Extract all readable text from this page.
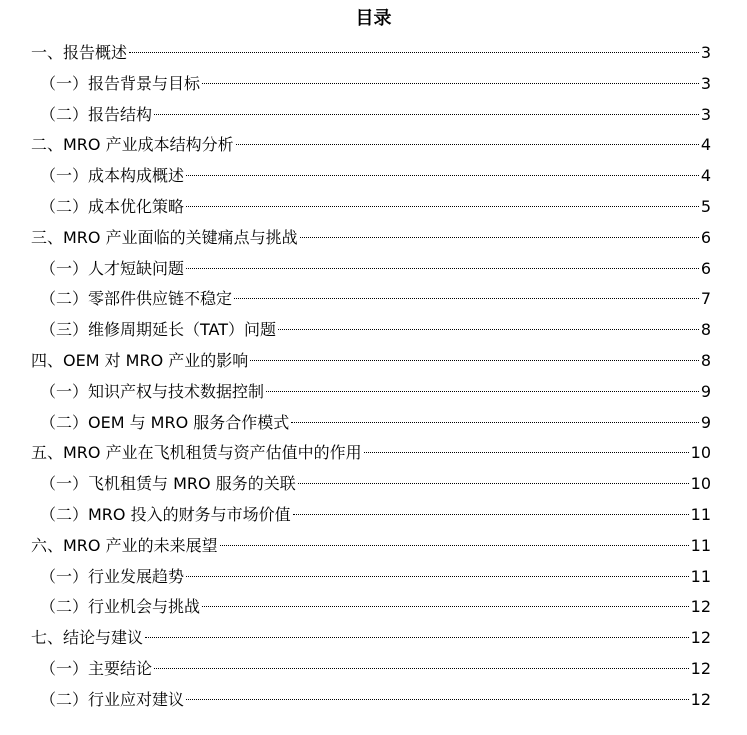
目录
一、报告概述	3
（一）报告背景与目标	3
（二）报告结构	3
二、MRO 产业成本结构分析	4
（一）成本构成概述	4
（二）成本优化策略	5
三、MRO 产业面临的关键痛点与挑战	6
（一）人才短缺问题	6
（二）零部件供应链不稳定	7
（三）维修周期延长（TAT）问题	8
四、OEM 对 MRO 产业的影响	8
（一）知识产权与技术数据控制	9
（二）OEM 与 MRO 服务合作模式	9
五、MRO 产业在飞机租赁与资产估值中的作用	10
（一）飞机租赁与 MRO 服务的关联	10
（二）MRO 投入的财务与市场价值	11
六、MRO 产业的未来展望	11
（一）行业发展趋势	11
（二）行业机会与挑战	12
七、结论与建议	12
（一）主要结论	12
（二）行业应对建议	12
